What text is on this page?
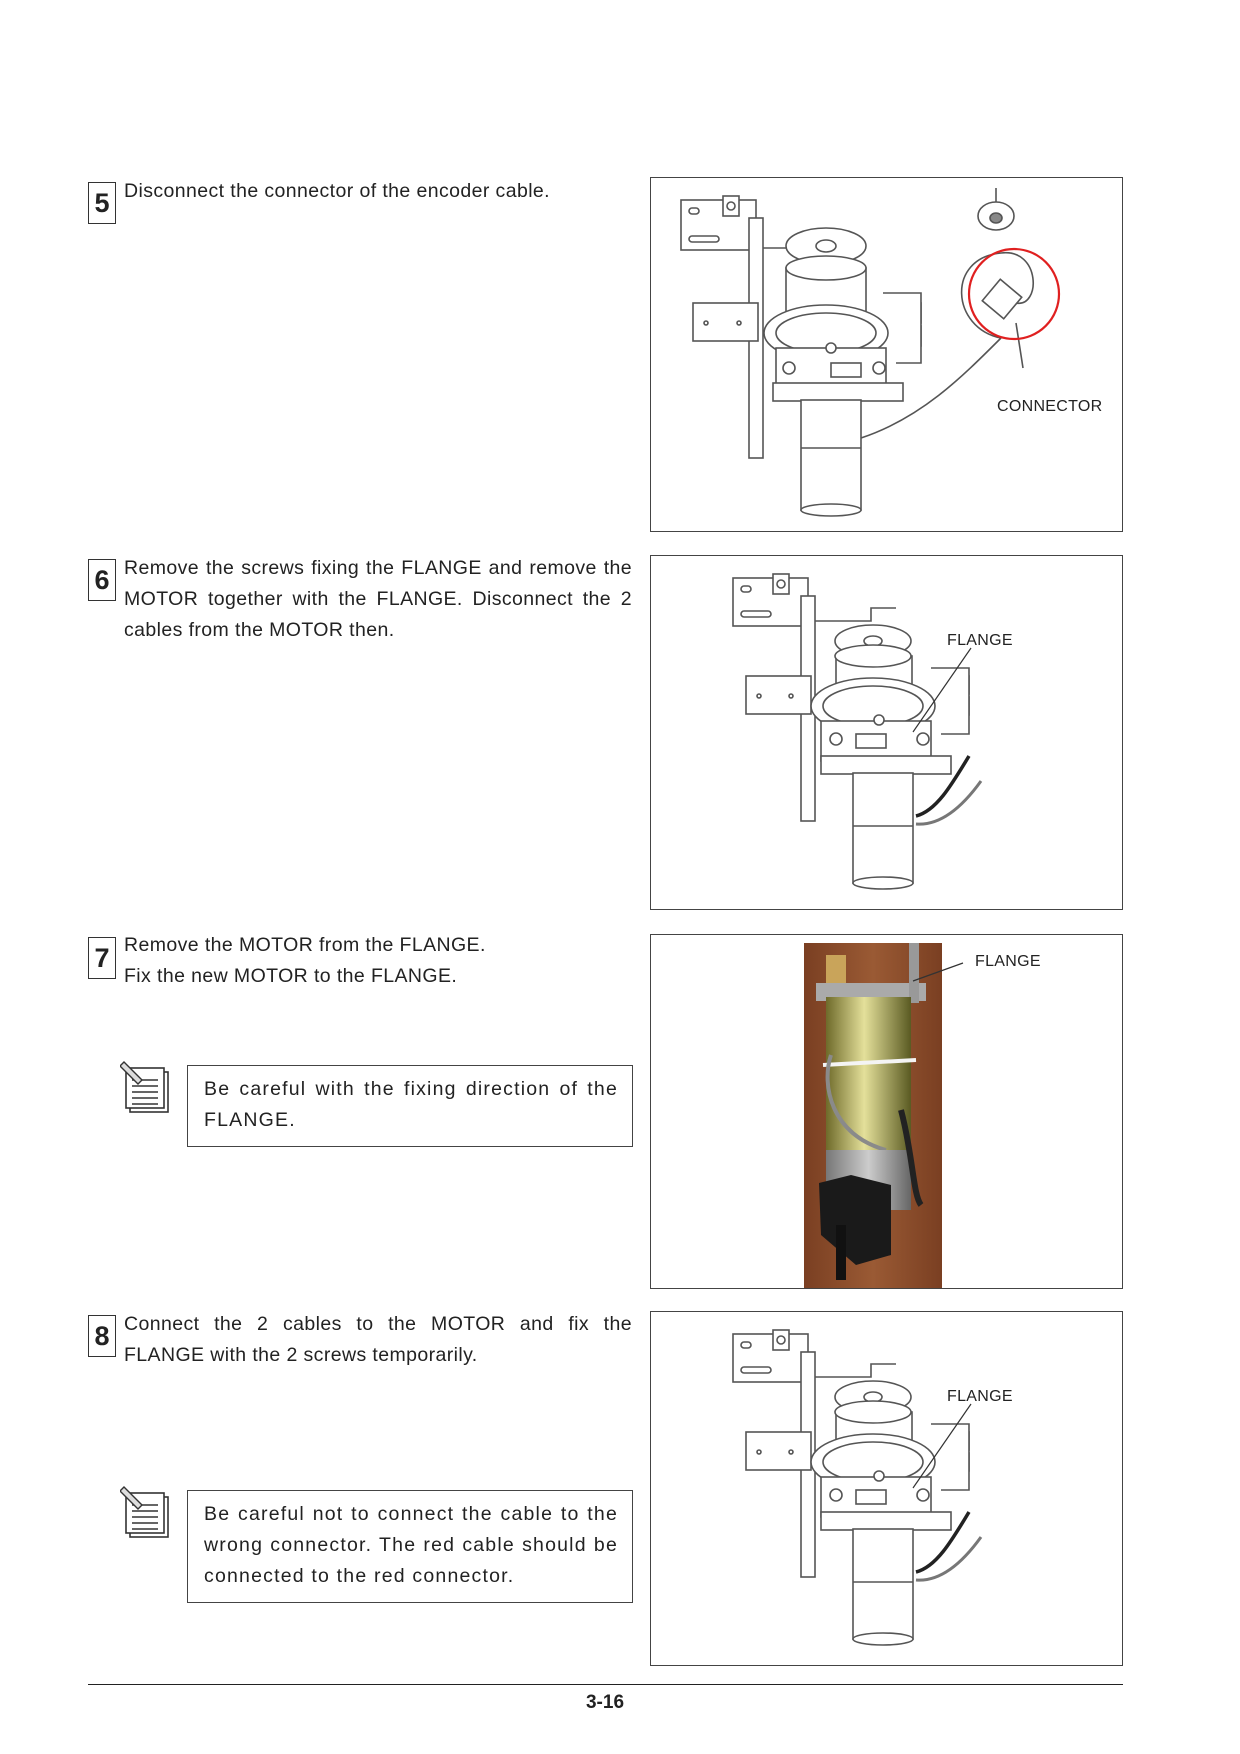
5 Disconnect the connector of the encoder cable.

CONNECTOR
6 Remove the screws fixing the FLANGE and remove the MOTOR together with the FLANGE. Disconnect the 2 cables from the MOTOR then.	FLANGE
7 Remove the MOTOR from the FLANGE.

Fix the new MOTOR to the FLANGE.

Be careful with the fixing direction of the FLANGE.
FLANGE
8 Connect the 2 cables to the MOTOR and fix the FLANGE with the 2 screws temporarily.

Be careful not to connect the cable to the wrong connector. The red cable should be connected to the red connector.
FLANGE
3-16
